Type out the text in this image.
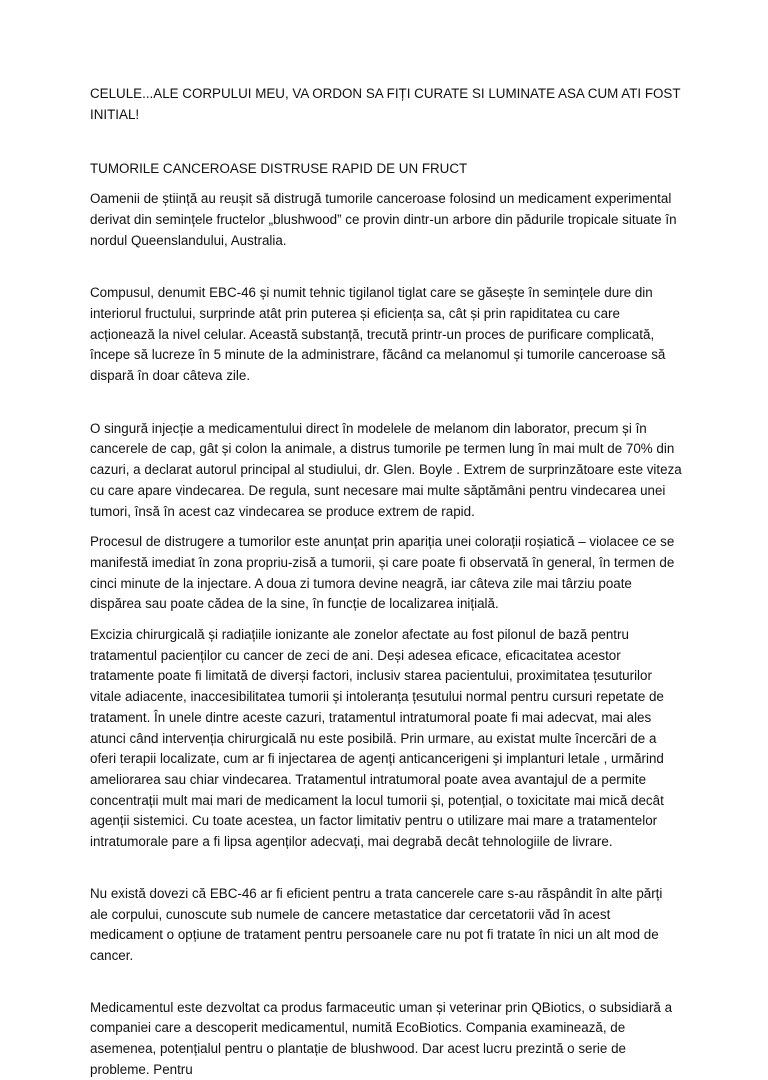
CELULE...ALE CORPULUI MEU, VA ORDON SA FIȚI CURATE SI LUMINATE ASA CUM ATI FOST INITIAL!

TUMORILE CANCEROASE DISTRUSE RAPID DE UN FRUCT

Oamenii de știință au reușit să distrugă tumorile canceroase folosind un medicament experimental derivat din semințele fructelor „blushwood” ce provin dintr-un arbore din pădurile tropicale situate în nordul Queenslandului, Australia.

Compusul, denumit EBC-46 și numit tehnic tigilanol tiglat care se găsește în semințele dure din interiorul fructului, surprinde atât prin puterea și eficiența sa, cât și prin rapiditatea cu care acționează la nivel celular. Această substanță, trecută printr-un proces de purificare complicată, începe să lucreze în 5 minute de la administrare, făcând ca melanomul și tumorile canceroase să dispară în doar câteva zile.

O singură injecție a medicamentului direct în modelele de melanom din laborator, precum și în cancerele de cap, gât și colon la animale, a distrus tumorile pe termen lung în mai mult de 70% din cazuri, a declarat autorul principal al studiului, dr. Glen. Boyle . Extrem de surprinzătoare este viteza cu care apare vindecarea. De regula, sunt necesare mai multe săptămâni pentru vindecarea unei tumori, însă în acest caz vindecarea se produce extrem de rapid.

Procesul de distrugere a tumorilor este anunțat prin apariția unei colorații roșiatică – violacee ce se manifestă imediat în zona propriu-zisă a tumorii, și care poate fi observată în general, în termen de cinci minute de la injectare. A doua zi tumora devine neagră, iar câteva zile mai târziu poate dispărea sau poate cădea de la sine, în funcție de localizarea inițială.

Excizia chirurgicală și radiațiile ionizante ale zonelor afectate au fost pilonul de bază pentru tratamentul pacienților cu cancer de zeci de ani. Deși adesea eficace, eficacitatea acestor tratamente poate fi limitată de diverși factori, inclusiv starea pacientului, proximitatea țesuturilor vitale adiacente, inaccesibilitatea tumorii și intoleranța țesutului normal pentru cursuri repetate de tratament. În unele dintre aceste cazuri, tratamentul intratumoral poate fi mai adecvat, mai ales atunci când intervenția chirurgicală nu este posibilă. Prin urmare, au existat multe încercări de a oferi terapii localizate, cum ar fi injectarea de agenți anticancerigeni și implanturi letale , urmărind ameliorarea sau chiar vindecarea. Tratamentul intratumoral poate avea avantajul de a permite concentrații mult mai mari de medicament la locul tumorii și, potențial, o toxicitate mai mică decât agenții sistemici. Cu toate acestea, un factor limitativ pentru o utilizare mai mare a tratamentelor intratumorale pare a fi lipsa agenților adecvați, mai degrabă decât tehnologiile de livrare.

Nu există dovezi că EBC-46 ar fi eficient pentru a trata cancerele care s-au răspândit în alte părți ale corpului, cunoscute sub numele de cancere metastatice dar cercetatorii văd în acest medicament o opțiune de tratament pentru persoanele care nu pot fi tratate în nici un alt mod de cancer.

Medicamentul este dezvoltat ca produs farmaceutic uman și veterinar prin QBiotics, o subsidiară a companiei care a descoperit medicamentul, numită EcoBiotics. Compania examinează, de asemenea, potențialul pentru o plantație de blushwood. Dar acest lucru prezintă o serie de probleme. Pentru
